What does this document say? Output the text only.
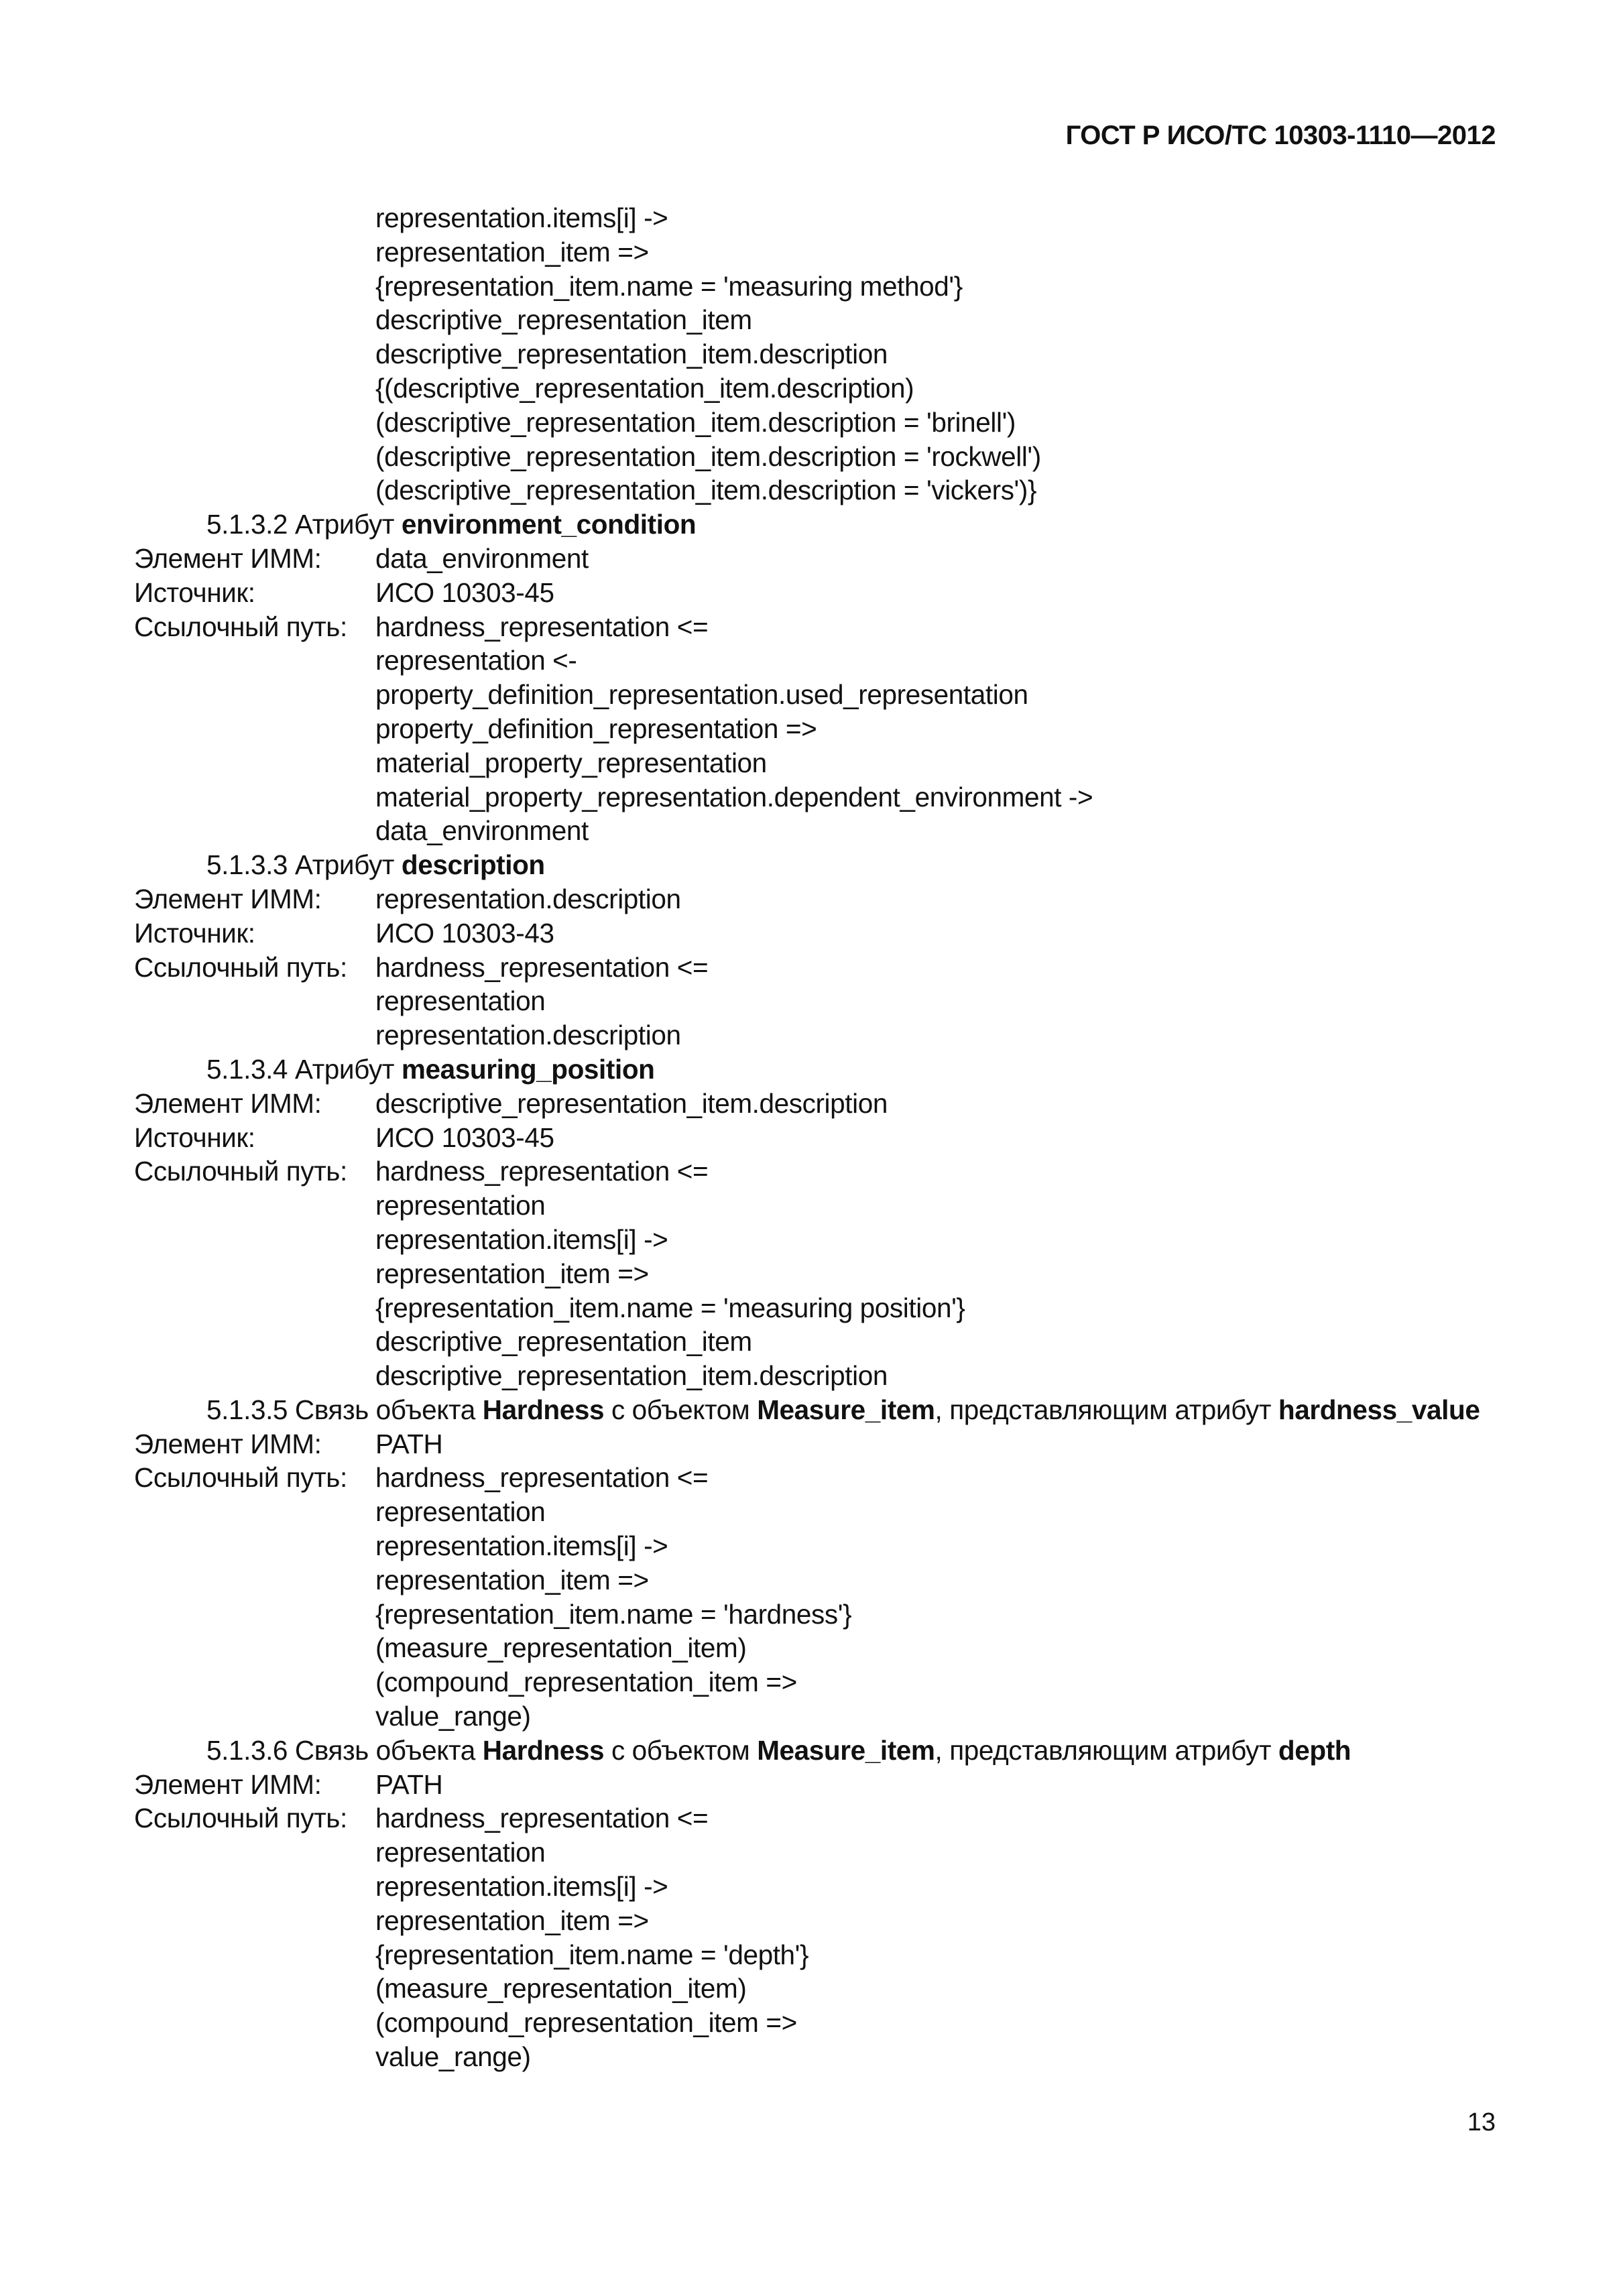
ГОСТ Р ИСО/ТС 10303-1110—2012
representation.items[i] ->
representation_item =>
{representation_item.name = 'measuring method'}
descriptive_representation_item
descriptive_representation_item.description
{(descriptive_representation_item.description)
(descriptive_representation_item.description = 'brinell')
(descriptive_representation_item.description = 'rockwell')
(descriptive_representation_item.description = 'vickers')}
5.1.3.2 Атрибут environment_condition
Элемент ИММ:	data_environment
Источник:	ИСО 10303-45
Ссылочный путь:	hardness_representation <=
representation <-
property_definition_representation.used_representation
property_definition_representation =>
material_property_representation
material_property_representation.dependent_environment ->
data_environment
5.1.3.3 Атрибут description
Элемент ИММ:	representation.description
Источник:	ИСО 10303-43
Ссылочный путь:	hardness_representation <=
representation
representation.description
5.1.3.4 Атрибут measuring_position
Элемент ИММ:	descriptive_representation_item.description
Источник:	ИСО 10303-45
Ссылочный путь:	hardness_representation <=
representation
representation.items[i] ->
representation_item =>
{representation_item.name = 'measuring position'}
descriptive_representation_item
descriptive_representation_item.description
5.1.3.5 Связь объекта Hardness с объектом Measure_item, представляющим атрибут hardness_value
Элемент ИММ:	PATH
Ссылочный путь:	hardness_representation <=
representation
representation.items[i] ->
representation_item =>
{representation_item.name = 'hardness'}
(measure_representation_item)
(compound_representation_item =>
value_range)
5.1.3.6 Связь объекта Hardness с объектом Measure_item, представляющим атрибут depth
Элемент ИММ:	PATH
Ссылочный путь:	hardness_representation <=
representation
representation.items[i] ->
representation_item =>
{representation_item.name = 'depth'}
(measure_representation_item)
(compound_representation_item =>
value_range)
13
